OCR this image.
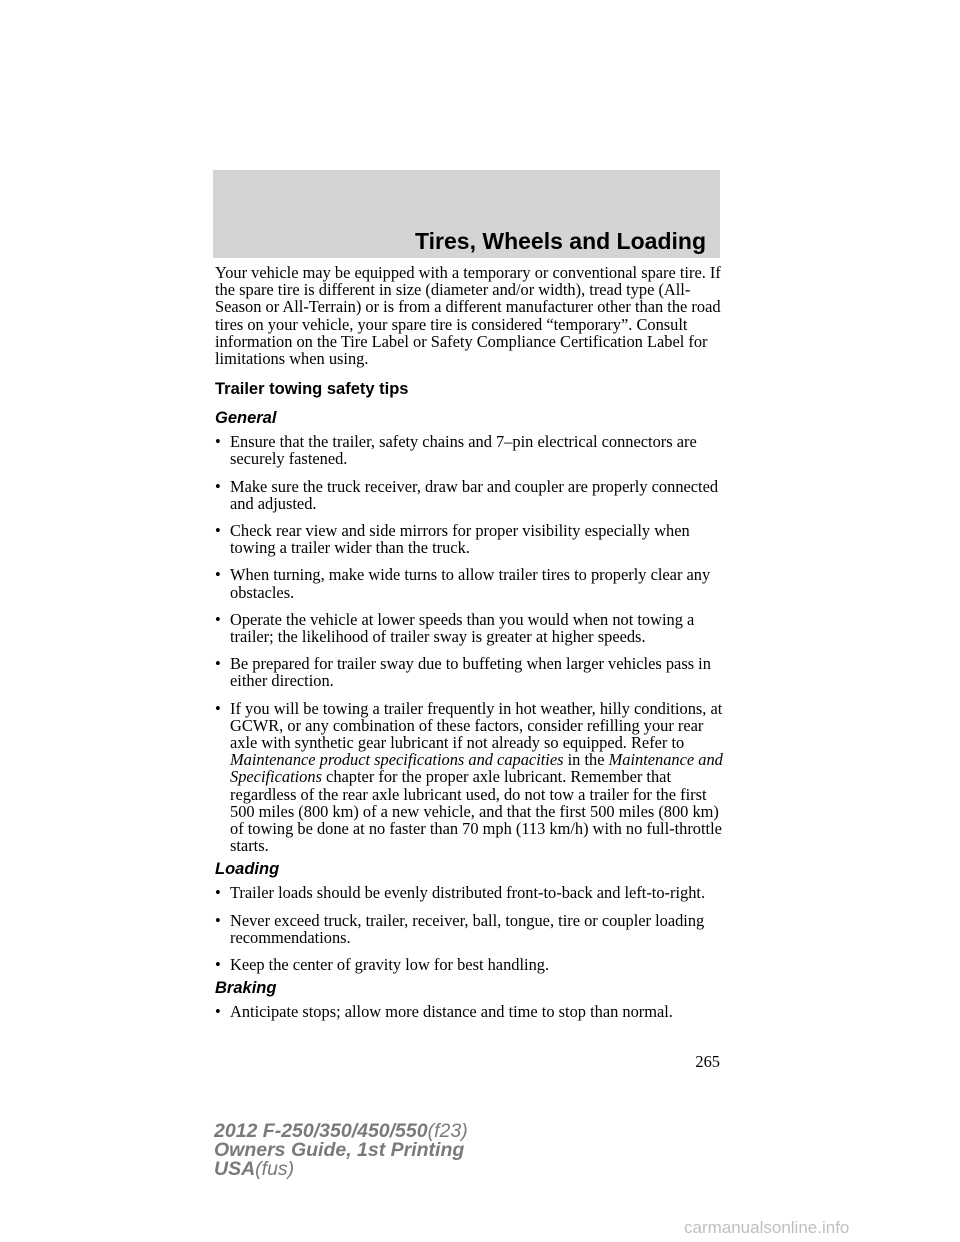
Tires, Wheels and Loading

Your vehicle may be equipped with a temporary or conventional spare tire. If the spare tire is different in size (diameter and/or width), tread type (All-Season or All-Terrain) or is from a different manufacturer other than the road tires on your vehicle, your spare tire is considered “temporary”. Consult information on the Tire Label or Safety Compliance Certification Label for limitations when using.

Trailer towing safety tips
General
• Ensure that the trailer, safety chains and 7–pin electrical connectors are securely fastened.
• Make sure the truck receiver, draw bar and coupler are properly connected and adjusted.
• Check rear view and side mirrors for proper visibility especially when towing a trailer wider than the truck.
• When turning, make wide turns to allow trailer tires to properly clear any obstacles.
• Operate the vehicle at lower speeds than you would when not towing a trailer; the likelihood of trailer sway is greater at higher speeds.
• Be prepared for trailer sway due to buffeting when larger vehicles pass in either direction.
• If you will be towing a trailer frequently in hot weather, hilly conditions, at GCWR, or any combination of these factors, consider refilling your rear axle with synthetic gear lubricant if not already so equipped. Refer to Maintenance product specifications and capacities in the Maintenance and Specifications chapter for the proper axle lubricant. Remember that regardless of the rear axle lubricant used, do not tow a trailer for the first 500 miles (800 km) of a new vehicle, and that the first 500 miles (800 km) of towing be done at no faster than 70 mph (113 km/h) with no full-throttle starts.
Loading
• Trailer loads should be evenly distributed front-to-back and left-to-right.
• Never exceed truck, trailer, receiver, ball, tongue, tire or coupler loading recommendations.
• Keep the center of gravity low for best handling.
Braking
• Anticipate stops; allow more distance and time to stop than normal.
265
2012 F-250/350/450/550(f23)
Owners Guide, 1st Printing
USA(fus)
carmanualsonline.info
